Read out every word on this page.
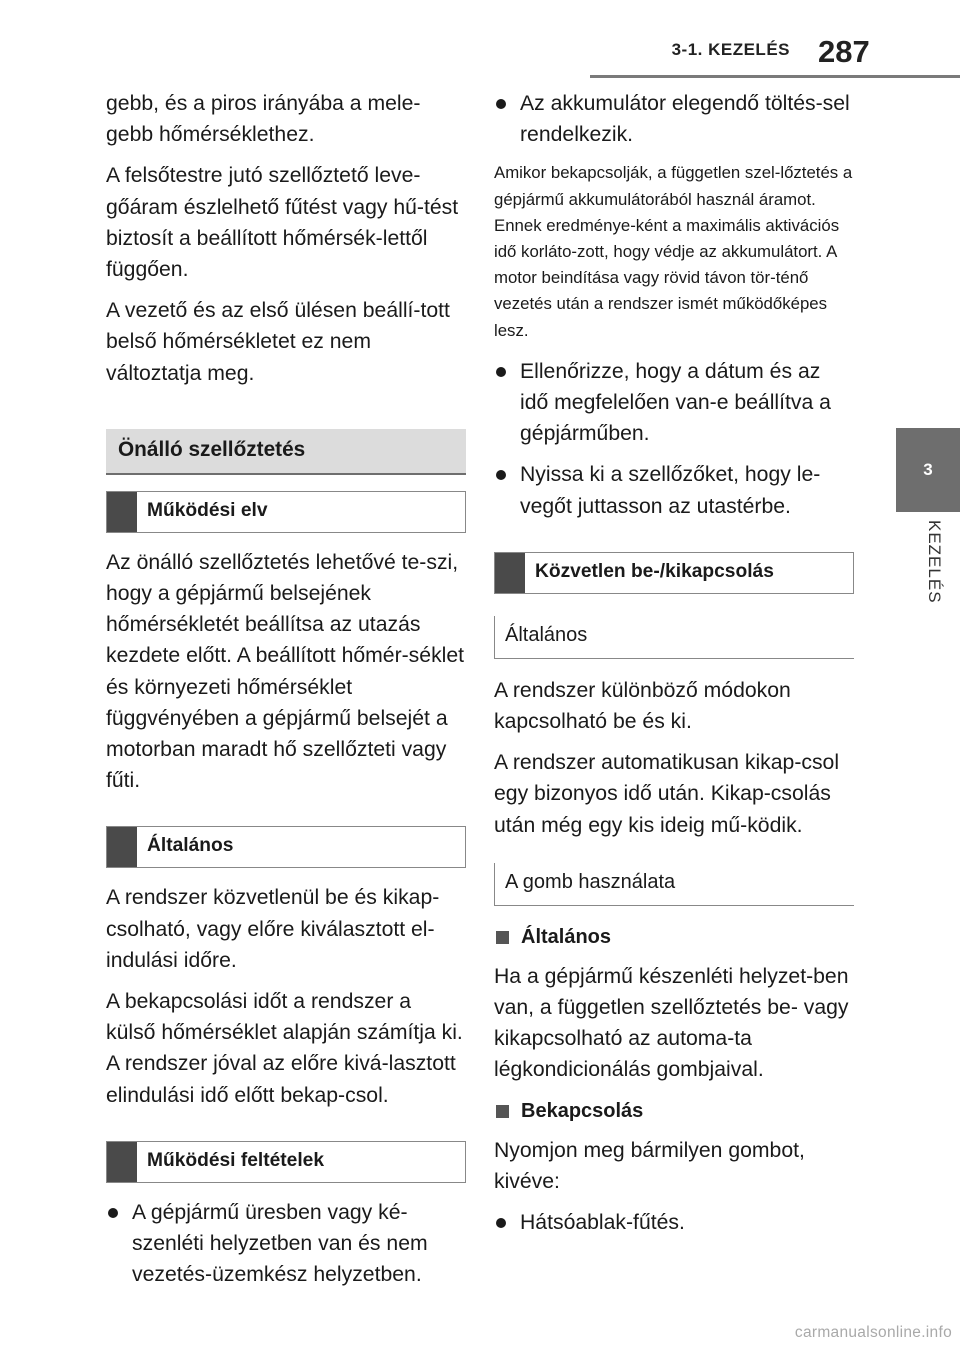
3-1. KEZELÉS 287
3
KEZELÉS

gebb, és a piros irányába a mele-gebb hőmérséklethez.

A felsőtestre jutó szellőztető leve-gőáram észlelhető fűtést vagy hű-tést biztosít a beállított hőmérsék-lettől függően.

A vezető és az első ülésen beállí-tott belső hőmérsékletet ez nem változtatja meg.

Önálló szellőztetés
Működési elv

Az önálló szellőztetés lehetővé te-szi, hogy a gépjármű belsejének hőmérsékletét beállítsa az utazás kezdete előtt. A beállított hőmér-séklet és környezeti hőmérséklet függvényében a gépjármű belsejét a motorban maradt hő szellőzteti vagy fűti.

Általános

A rendszer közvetlenül be és kikap-csolható, vagy előre kiválasztott el-indulási időre.

A bekapcsolási időt a rendszer a külső hőmérséklet alapján számítja ki. A rendszer jóval az előre kivá-lasztott elindulási idő előtt bekap-csol.

Működési feltételek

A gépjármű üresben vagy ké-szenléti helyzetben van és nem vezetés-üzemkész helyzetben.

Az akkumulátor elegendő töltés-sel rendelkezik.

Amikor bekapcsolják, a független szel-lőztetés a gépjármű akkumulátorából használ áramot. Ennek eredménye-ként a maximális aktivációs idő korláto-zott, hogy védje az akkumulátort. A motor beindítása vagy rövid távon tör-ténő vezetés után a rendszer ismét működőképes lesz.

Ellenőrizze, hogy a dátum és az idő megfelelően van-e beállítva a gépjárműben.

Nyissa ki a szellőzőket, hogy le-vegőt juttasson az utastérbe.

Közvetlen be-/kikapcsolás
Általános

A rendszer különböző módokon kapcsolható be és ki.

A rendszer automatikusan kikap-csol egy bizonyos idő után. Kikap-csolás után még egy kis ideig mű-ködik.

A gomb használata
Általános

Ha a gépjármű készenléti helyzet-ben van, a független szellőztetés be- vagy kikapcsolható az automa-ta légkondicionálás gombjaival.

Bekapcsolás

Nyomjon meg bármilyen gombot, kivéve:

Hátsóablak-fűtés.

carmanualsonline.info
